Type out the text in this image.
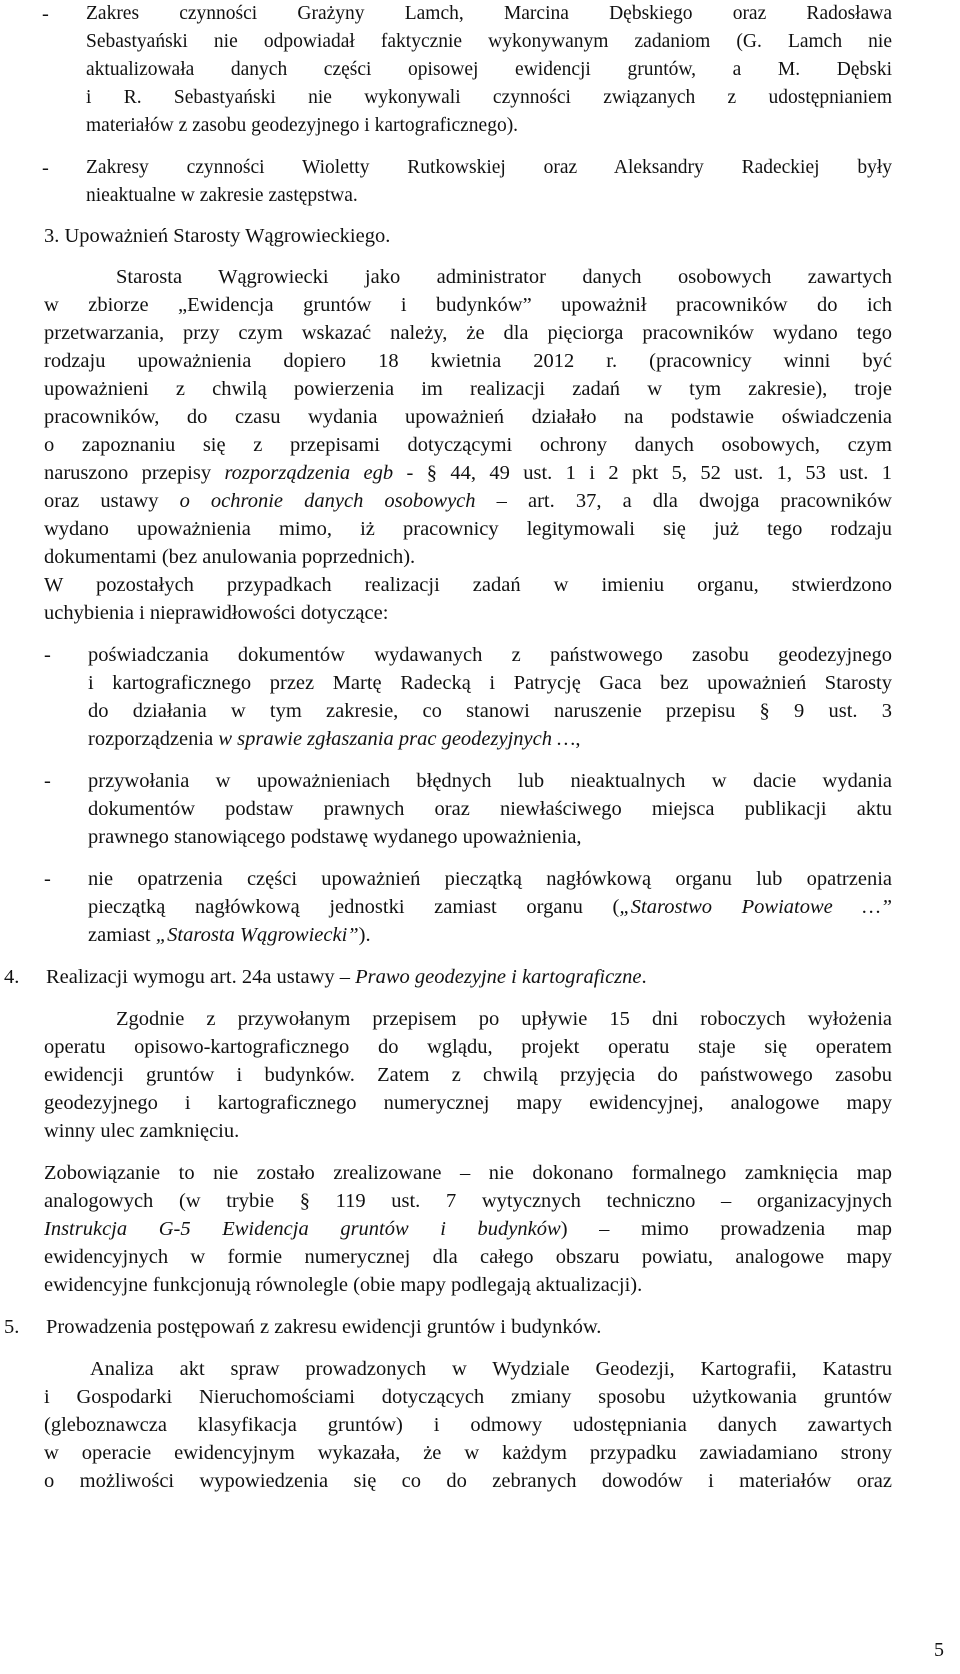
- Zakres czynności Grażyny Lamch, Marcina Dębskiego oraz Radosława
Sebastyański nie odpowiadał faktycznie wykonywanym zadaniom (G. Lamch nie
aktualizowała danych części opisowej ewidencji gruntów, a M. Dębski
i R. Sebastyański nie wykonywali czynności związanych z udostępnianiem
materiałów z zasobu geodezyjnego i kartograficznego).
- Zakresy czynności Wioletty Rutkowskiej oraz Aleksandry Radeckiej były
nieaktualne w zakresie zastępstwa.
3. Upoważnień Starosty Wągrowieckiego.
Starosta Wągrowiecki jako administrator danych osobowych zawartych
w zbiorze „Ewidencja gruntów i budynków” upoważnił pracowników do ich
przetwarzania, przy czym wskazać należy, że dla pięciorga pracowników wydano tego
rodzaju upoważnienia dopiero 18 kwietnia 2012 r. (pracownicy winni być
upoważnieni z chwilą powierzenia im realizacji zadań w tym zakresie), troje
pracowników, do czasu wydania upoważnień działało na podstawie oświadczenia
o zapoznaniu się z przepisami dotyczącymi ochrony danych osobowych, czym
naruszono przepisy rozporządzenia egb - § 44, 49 ust. 1 i 2 pkt 5, 52 ust. 1, 53 ust. 1
oraz ustawy o ochronie danych osobowych – art. 37, a dla dwojga pracowników
wydano upoważnienia mimo, iż pracownicy legitymowali się już tego rodzaju
dokumentami (bez anulowania poprzednich).
W pozostałych przypadkach realizacji zadań w imieniu organu, stwierdzono
uchybienia i nieprawidłowości dotyczące:
- poświadczania dokumentów wydawanych z państwowego zasobu geodezyjnego
i kartograficznego przez Martę Radecką i Patrycję Gaca bez upoważnień Starosty
do działania w tym zakresie, co stanowi naruszenie przepisu § 9 ust. 3
rozporządzenia w sprawie zgłaszania prac geodezyjnych …,
- przywołania w upoważnieniach błędnych lub nieaktualnych w dacie wydania
dokumentów podstaw prawnych oraz niewłaściwego miejsca publikacji aktu
prawnego stanowiącego podstawę wydanego upoważnienia,
- nie opatrzenia części upoważnień pieczątką nagłówkową organu lub opatrzenia
pieczątką nagłówkową jednostki zamiast organu („Starostwo Powiatowe …”
zamiast „Starosta Wągrowiecki”).
4. Realizacji wymogu art. 24a ustawy – Prawo geodezyjne i kartograficzne.
Zgodnie z przywołanym przepisem po upływie 15 dni roboczych wyłożenia
operatu opisowo-kartograficznego do wglądu, projekt operatu staje się operatem
ewidencji gruntów i budynków. Zatem z chwilą przyjęcia do państwowego zasobu
geodezyjnego i kartograficznego numerycznej mapy ewidencyjnej, analogowe mapy
winny ulec zamknięciu.
Zobowiązanie to nie zostało zrealizowane – nie dokonano formalnego zamknięcia map
analogowych (w trybie § 119 ust. 7 wytycznych techniczno – organizacyjnych
Instrukcja G-5 Ewidencja gruntów i budynków) – mimo prowadzenia map
ewidencyjnych w formie numerycznej dla całego obszaru powiatu, analogowe mapy
ewidencyjne funkcjonują równolegle (obie mapy podlegają aktualizacji).
5. Prowadzenia postępowań z zakresu ewidencji gruntów i budynków.
Analiza akt spraw prowadzonych w Wydziale Geodezji, Kartografii, Katastru
i Gospodarki Nieruchomościami dotyczących zmiany sposobu użytkowania gruntów
(gleboznawcza klasyfikacja gruntów) i odmowy udostępniania danych zawartych
w operacie ewidencyjnym wykazała, że w każdym przypadku zawiadamiano strony
o możliwości wypowiedzenia się co do zebranych dowodów i materiałów oraz
5
